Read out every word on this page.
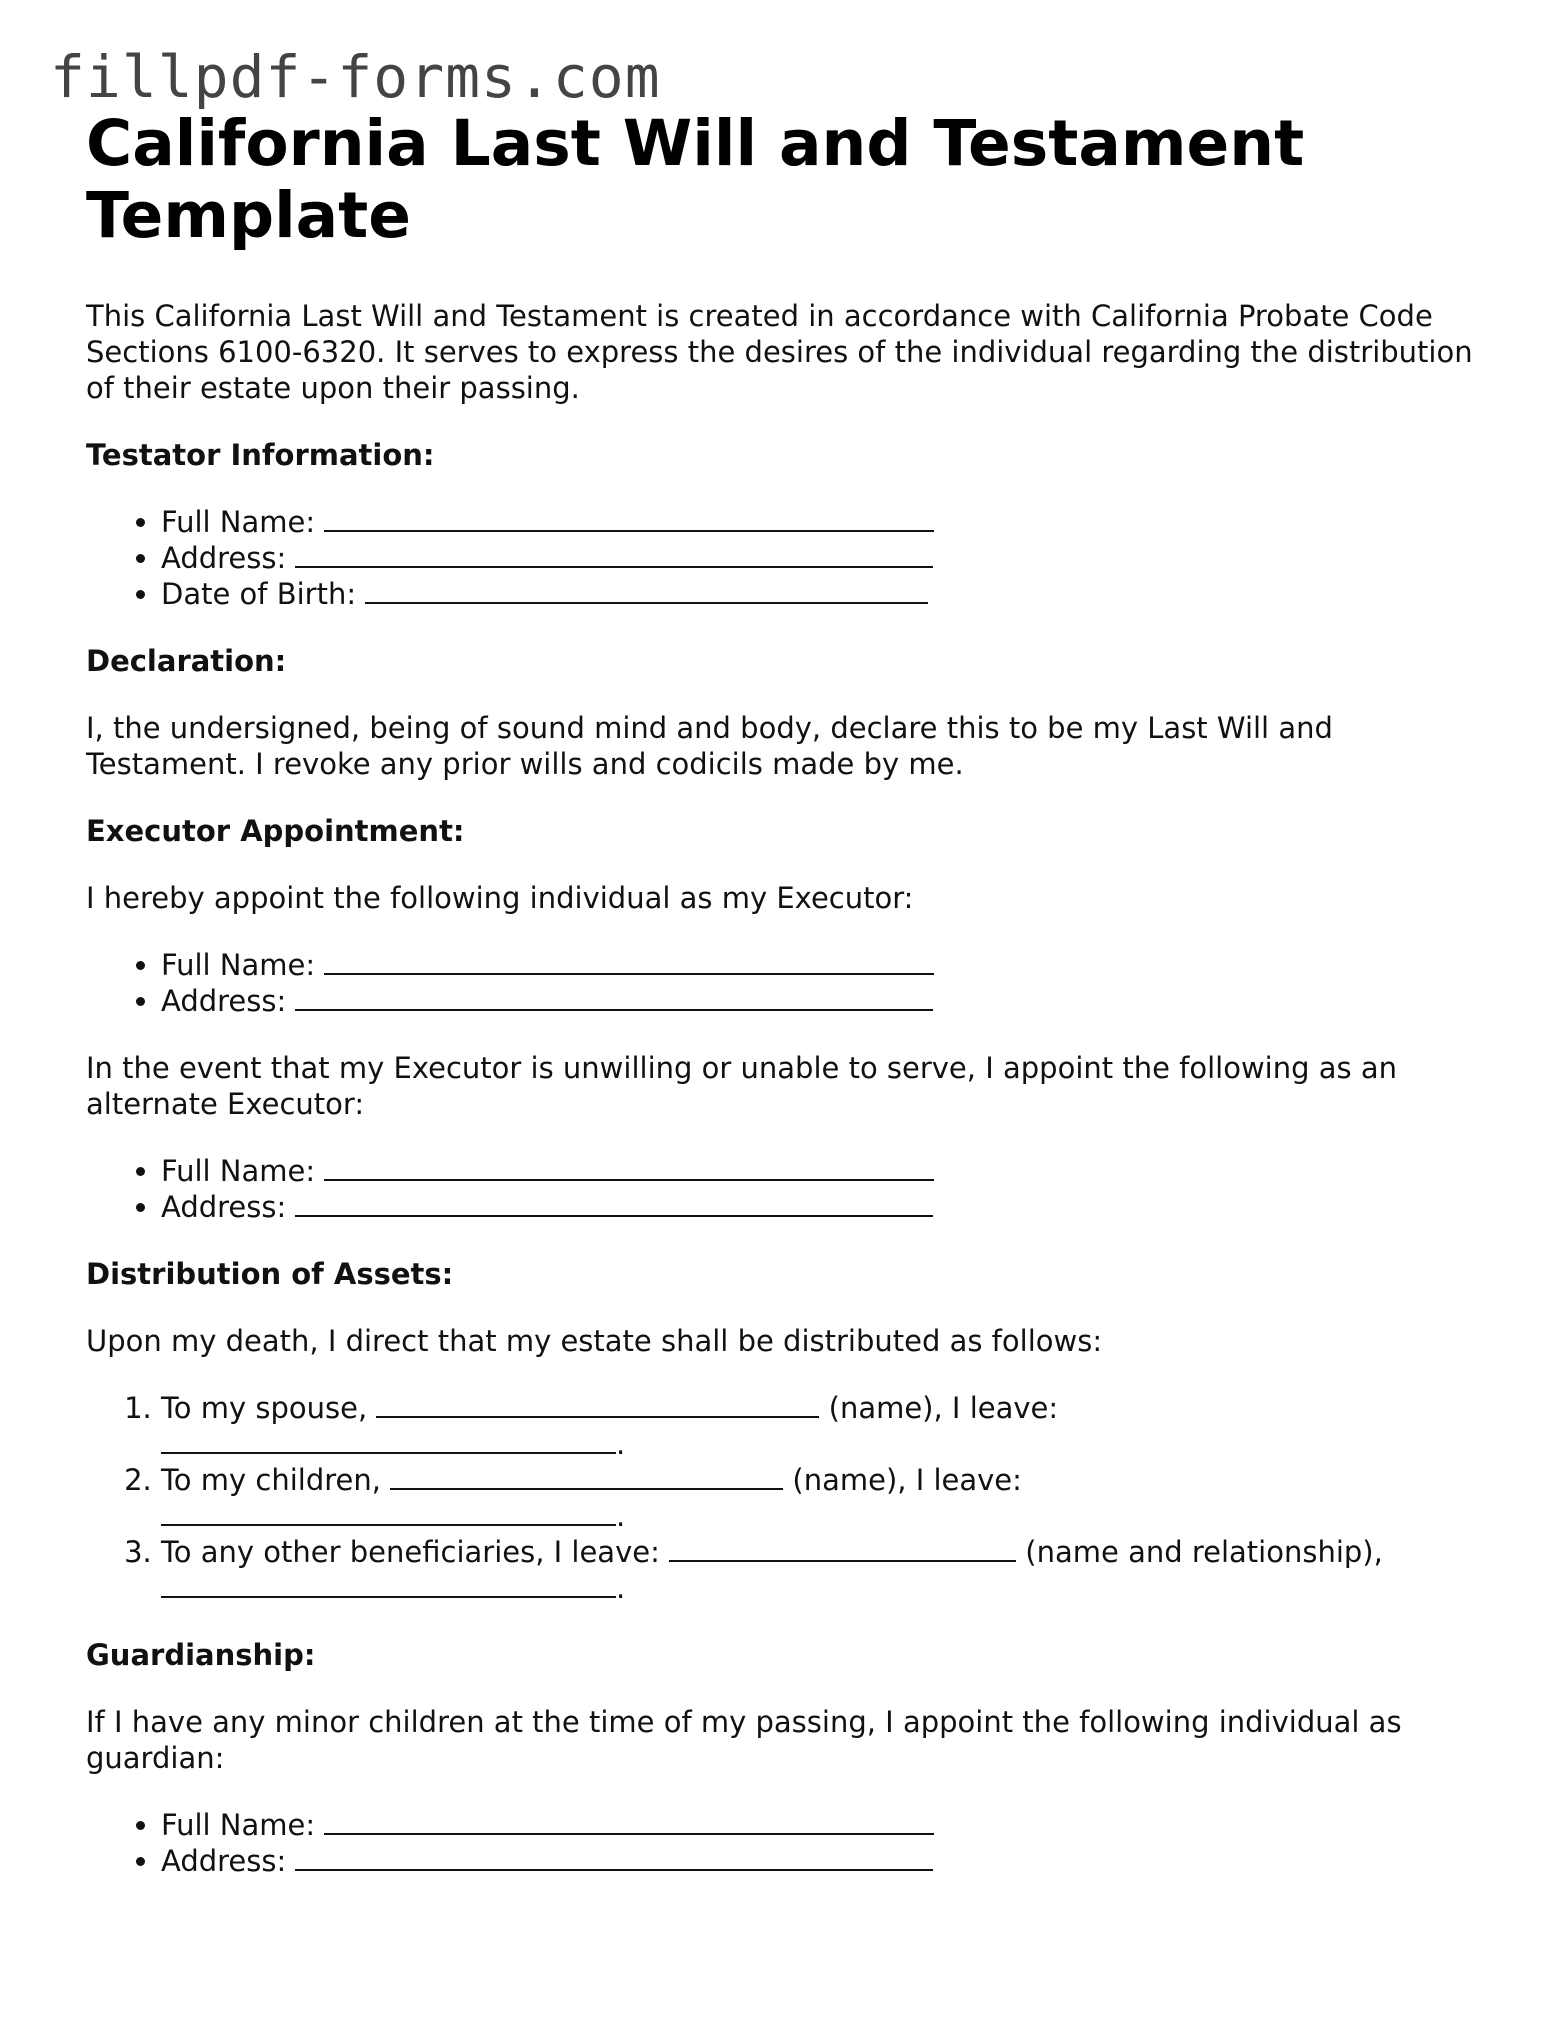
fillpdf-forms.com
California Last Will and Testament Template

This California Last Will and Testament is created in accordance with California Probate Code Sections 6100-6320. It serves to express the desires of the individual regarding the distribution of their estate upon their passing.

Testator Information:
• Full Name:
• Address:
• Date of Birth:
Declaration:

I, the undersigned, being of sound mind and body, declare this to be my Last Will and Testament. I revoke any prior wills and codicils made by me.

Executor Appointment:

I hereby appoint the following individual as my Executor:

• Full Name:
• Address:

In the event that my Executor is unwilling or unable to serve, I appoint the following as an alternate Executor:

• Full Name:
• Address:
Distribution of Assets:

Upon my death, I direct that my estate shall be distributed as follows:

1. To my spouse,	(name), I leave: .
2. To my children,	(name), I leave: .
3. To any other beneficiaries, I leave:	(name and relationship), .
Guardianship:

If I have any minor children at the time of my passing, I appoint the following individual as guardian:

• Full Name:
• Address:
